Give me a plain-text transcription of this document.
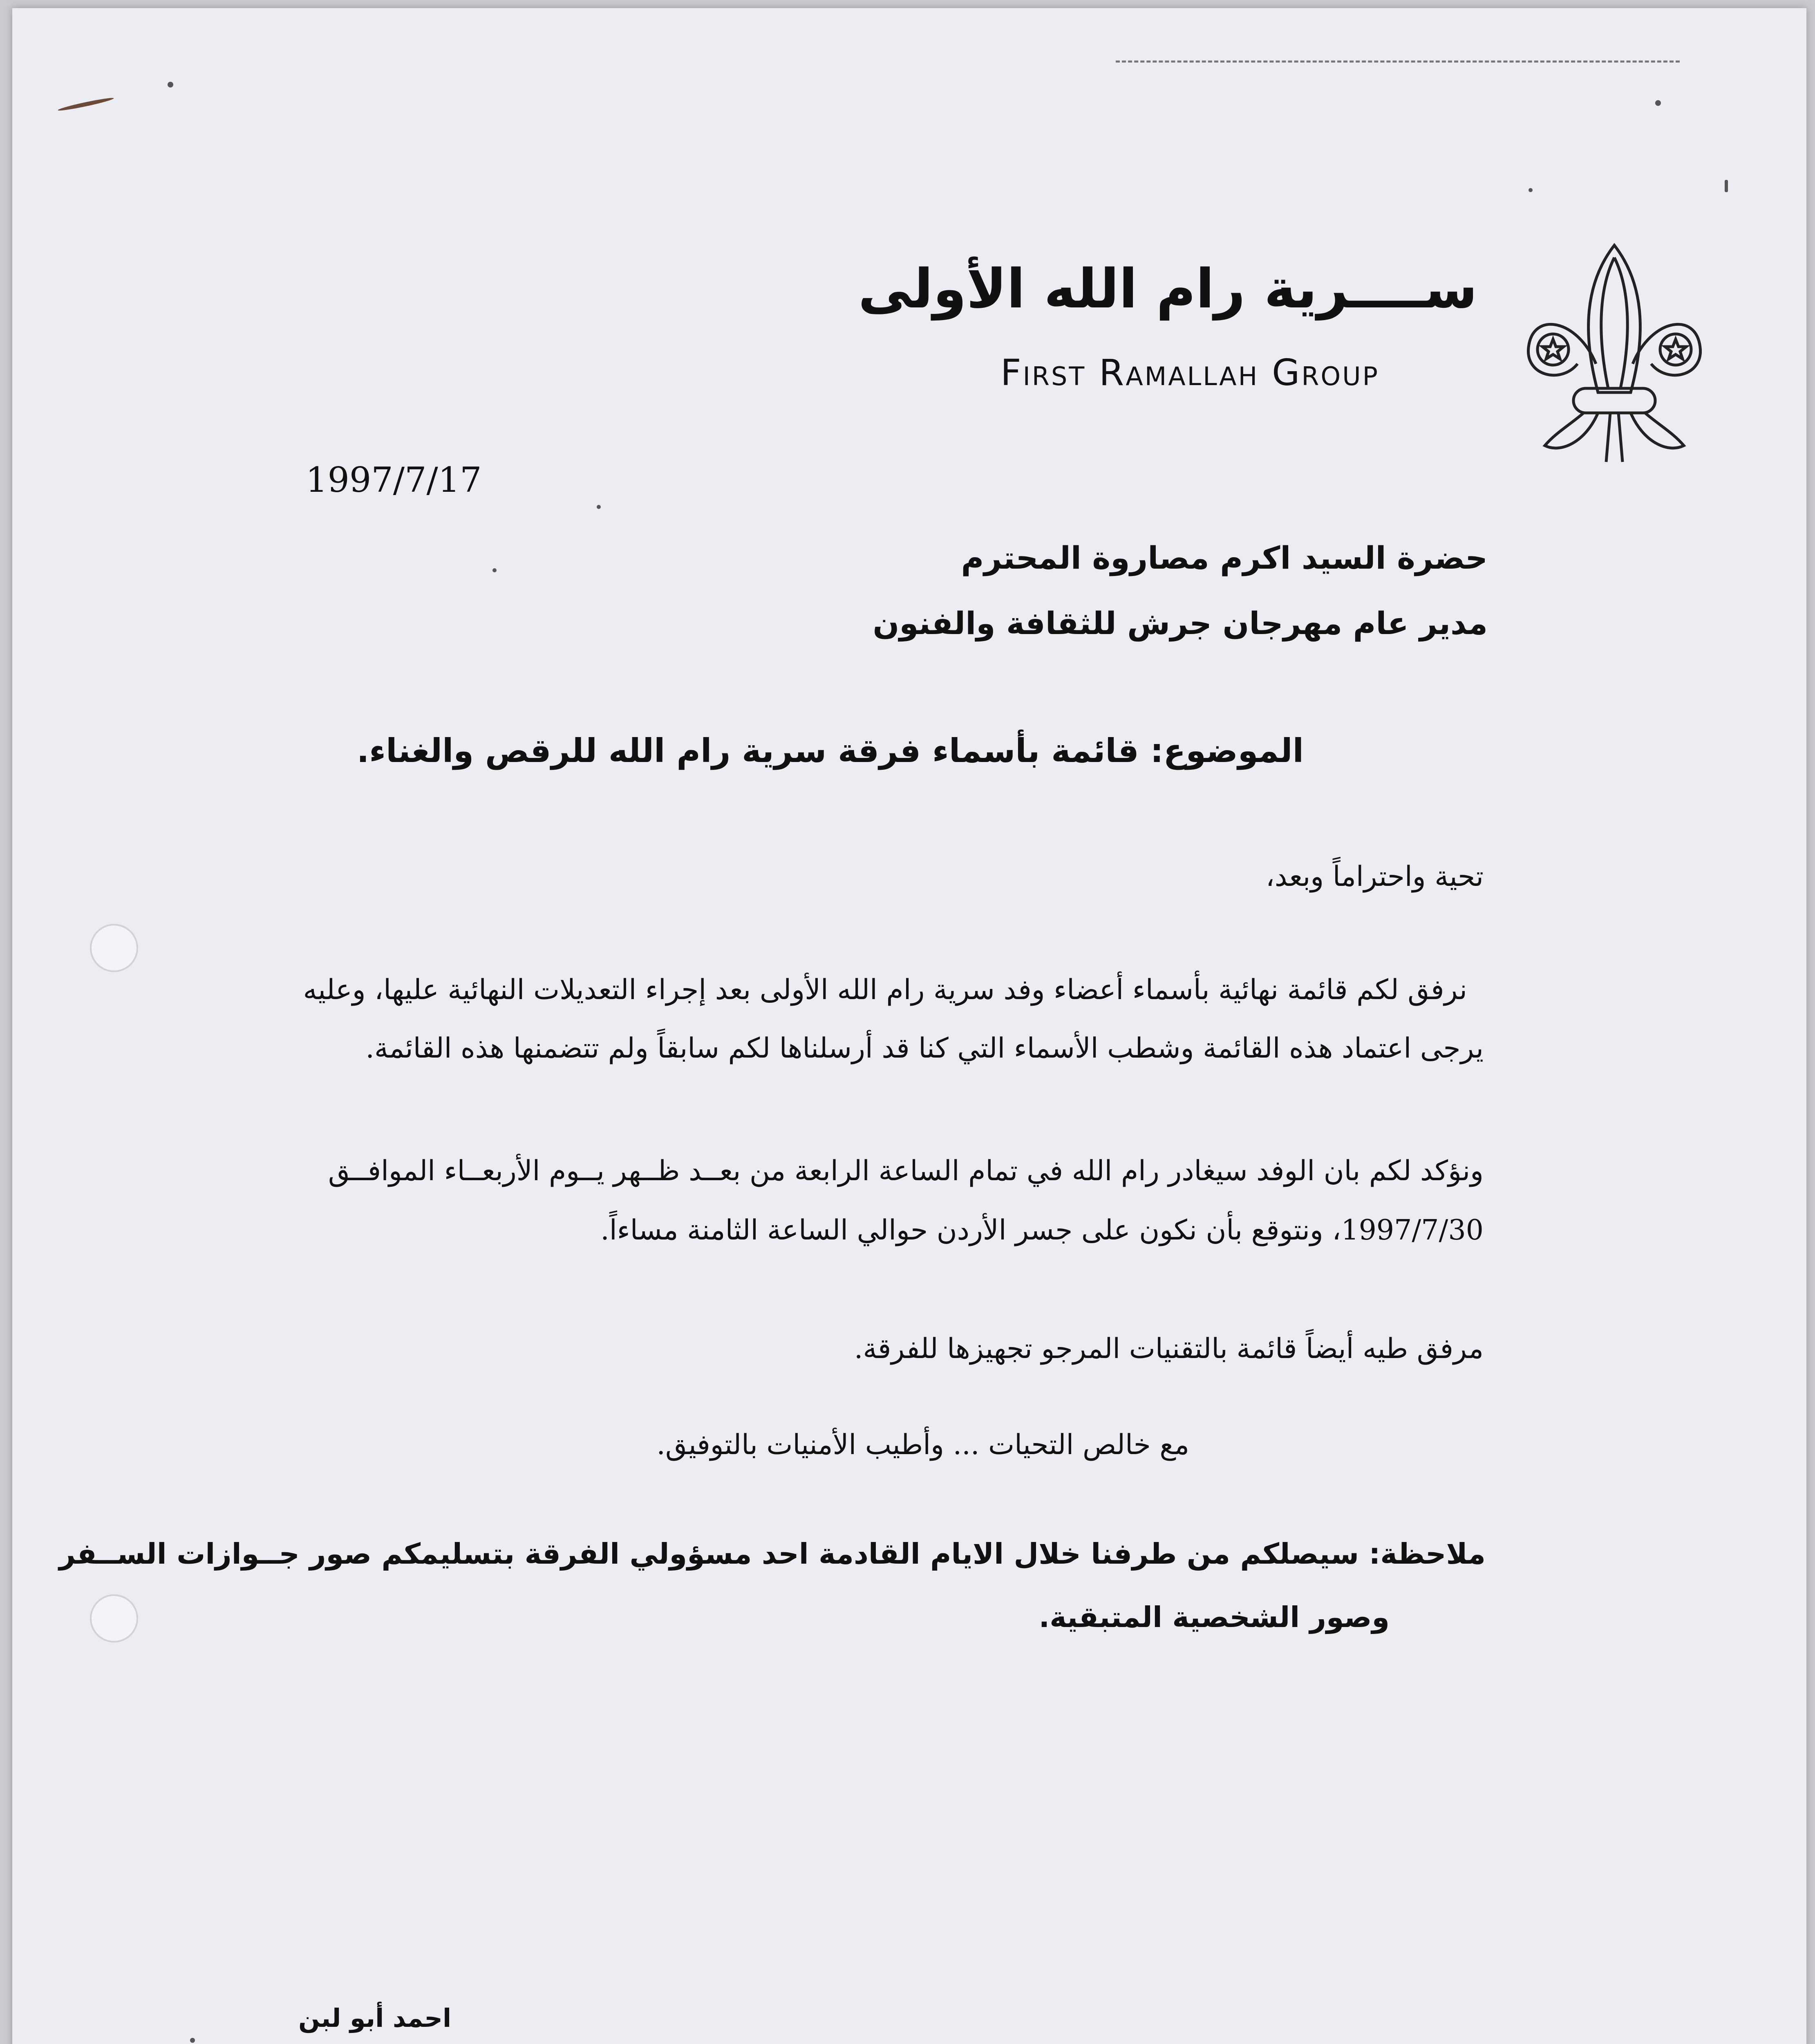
ســــرية رام الله الأولى
First Ramallah Group
1997/7/17
حضرة السيد اكرم مصاروة المحترم
مدير عام مهرجان جرش للثقافة والفنون
الموضوع: قائمة بأسماء فرقة سرية رام الله للرقص والغناء.
تحية واحتراماً وبعد،
نرفق لكم قائمة نهائية بأسماء أعضاء وفد سرية رام الله الأولى بعد إجراء التعديلات النهائية عليها، وعليه
يرجى اعتماد هذه القائمة وشطب الأسماء التي كنا قد أرسلناها لكم سابقاً ولم تتضمنها هذه القائمة.
ونؤكد لكم بان الوفد سيغادر رام الله في تمام الساعة الرابعة من بعــد ظــهر يــوم الأربعــاء الموافــق
1997/7/30، ونتوقع بأن نكون على جسر الأردن حوالي الساعة الثامنة مساءاً.
مرفق طيه أيضاً قائمة بالتقنيات المرجو تجهيزها للفرقة.
مع خالص التحيات ... وأطيب الأمنيات بالتوفيق.
ملاحظة: سيصلكم من طرفنا خلال الايام القادمة احد مسؤولي الفرقة بتسليمكم صور جــوازات الســفر
وصور الشخصية المتبقية.
احمد أبو لبن
